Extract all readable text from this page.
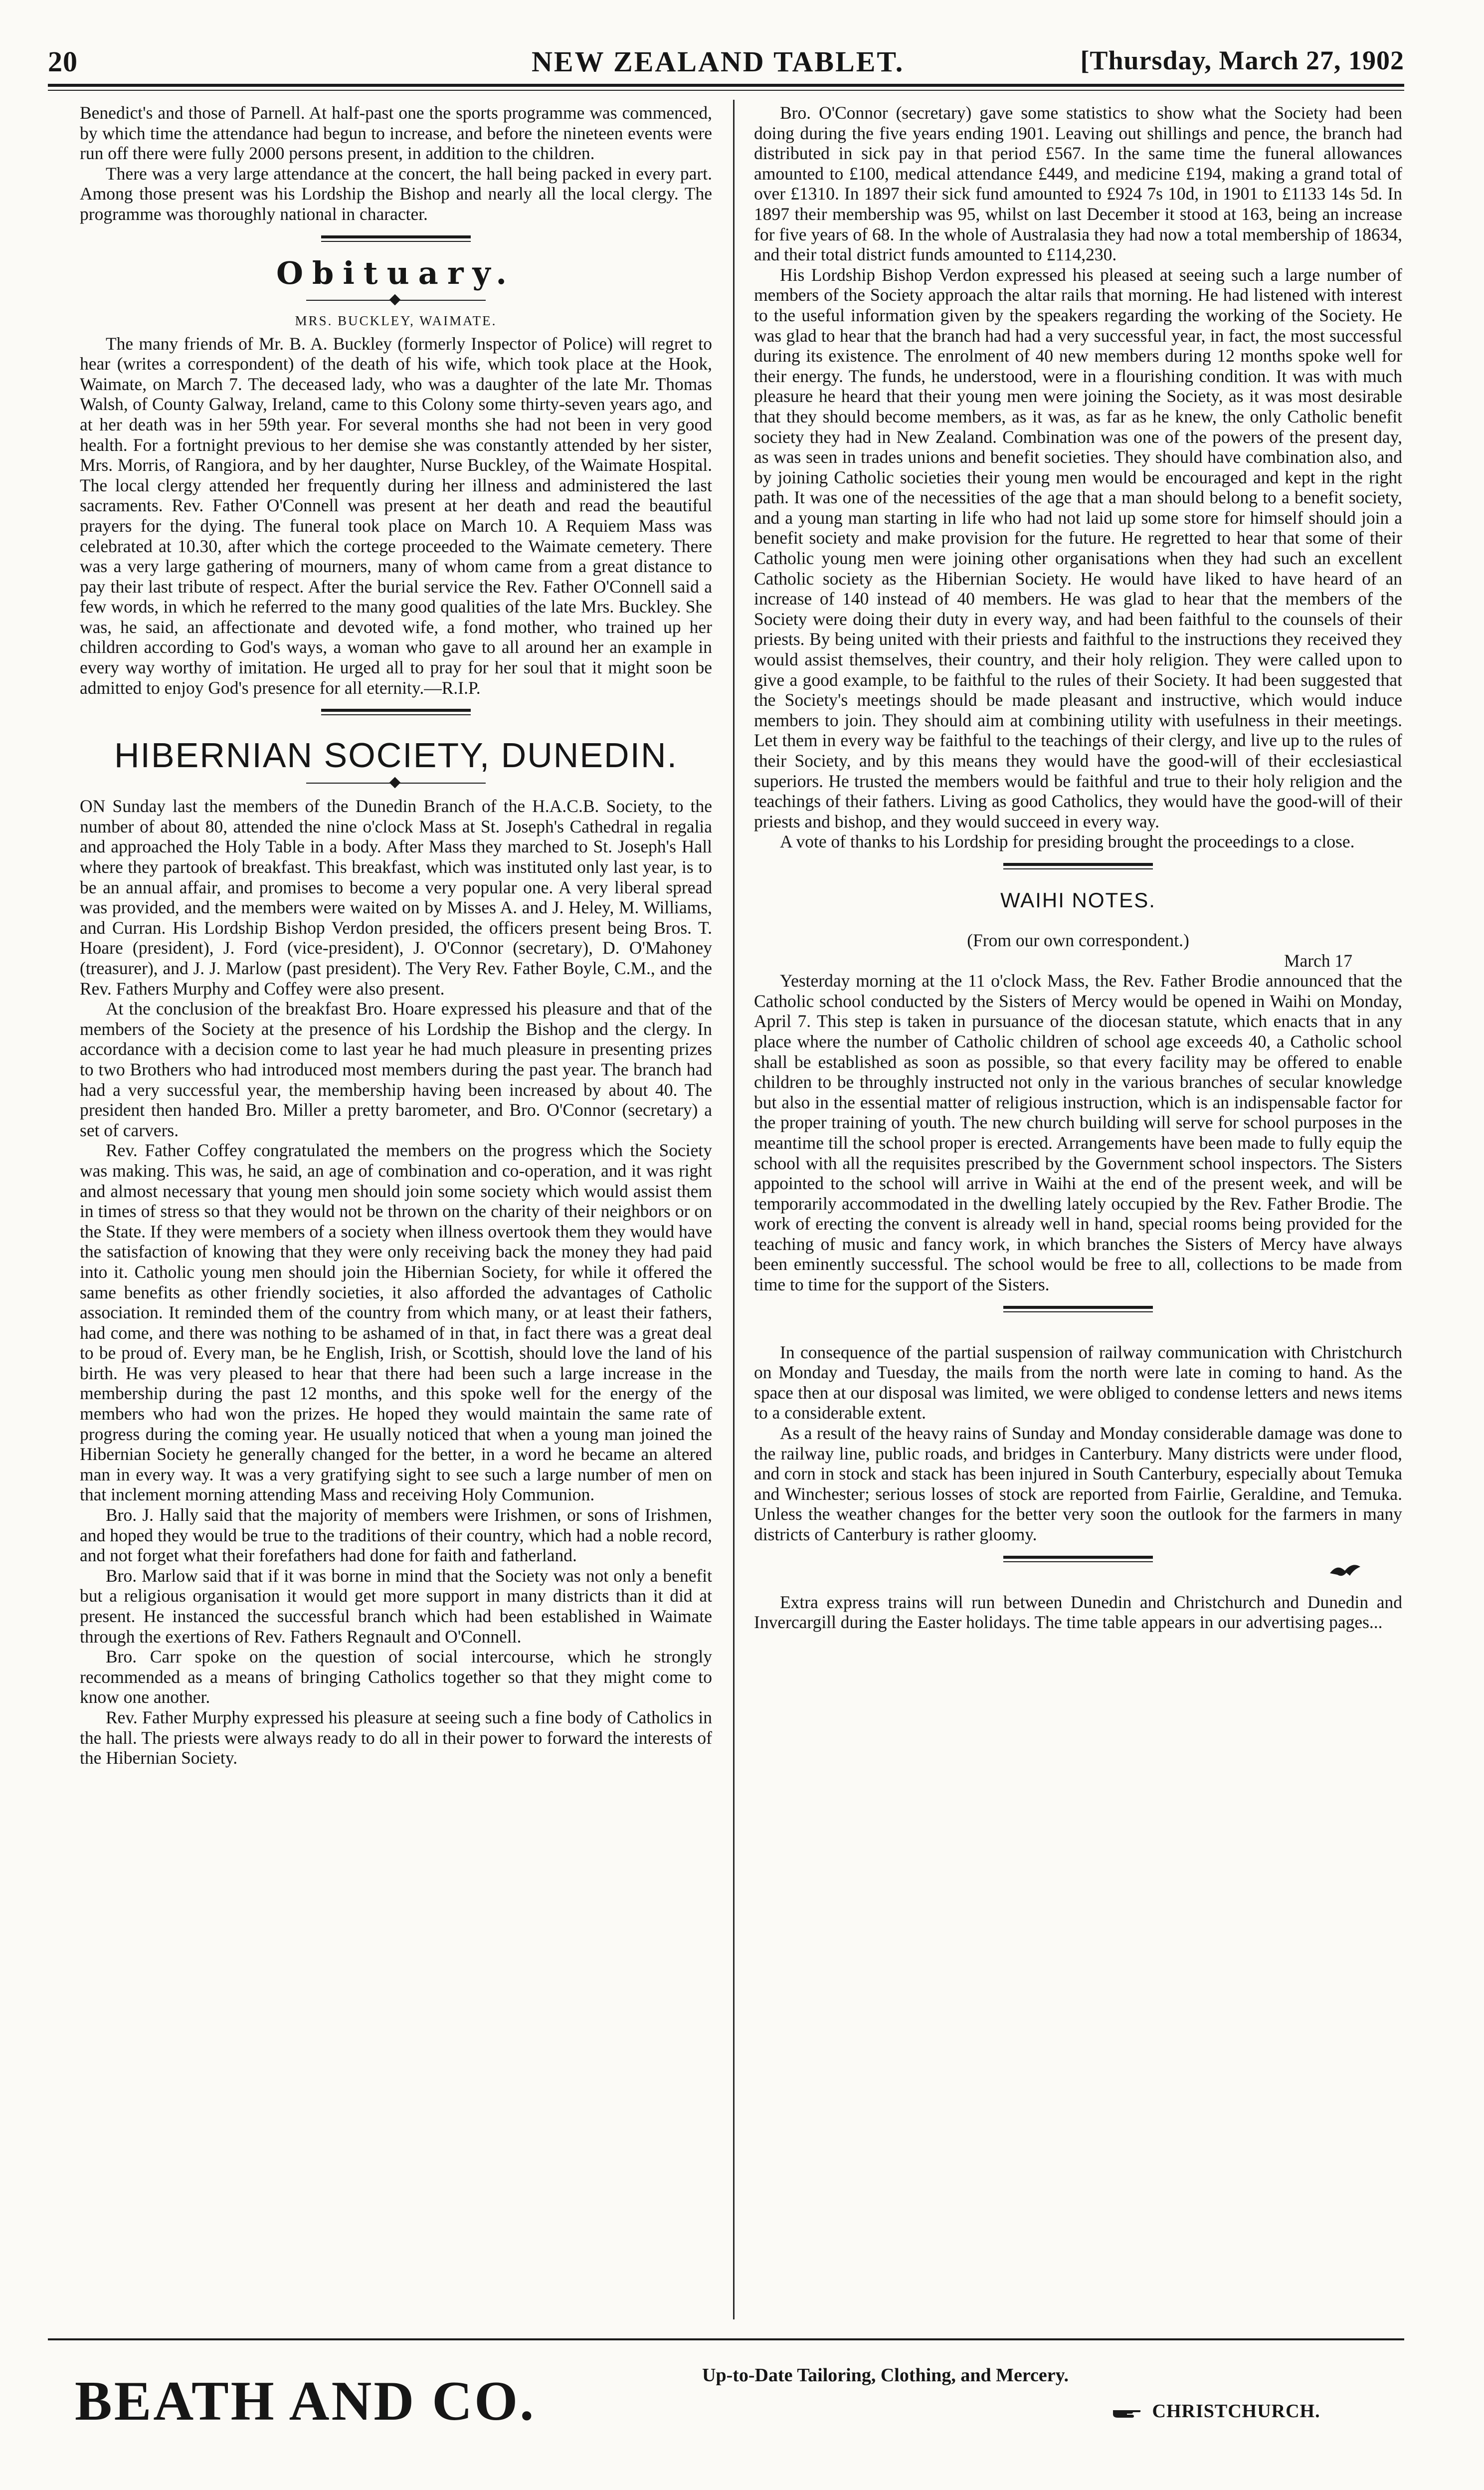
20	NEW ZEALAND TABLET.	[Thursday, March 27, 1902

Benedict's and those of Parnell. At half-past one the sports programme was commenced, by which time the attendance had begun to increase, and before the nineteen events were run off there were fully 2000 persons present, in addition to the children.

There was a very large attendance at the concert, the hall being packed in every part. Among those present was his Lordship the Bishop and nearly all the local clergy. The programme was thoroughly national in character.

Obituary.
MRS. BUCKLEY, WAIMATE.

The many friends of Mr. B. A. Buckley (formerly Inspector of Police) will regret to hear (writes a correspondent) of the death of his wife, which took place at the Hook, Waimate, on March 7. The deceased lady, who was a daughter of the late Mr. Thomas Walsh, of County Galway, Ireland, came to this Colony some thirty-seven years ago, and at her death was in her 59th year. For several months she had not been in very good health. For a fortnight previous to her demise she was constantly attended by her sister, Mrs. Morris, of Rangiora, and by her daughter, Nurse Buckley, of the Waimate Hospital. The local clergy attended her frequently during her illness and administered the last sacraments. Rev. Father O'Connell was present at her death and read the beautiful prayers for the dying. The funeral took place on March 10. A Requiem Mass was celebrated at 10.30, after which the cortege proceeded to the Waimate cemetery. There was a very large gathering of mourners, many of whom came from a great distance to pay their last tribute of respect. After the burial service the Rev. Father O'Connell said a few words, in which he referred to the many good qualities of the late Mrs. Buckley. She was, he said, an affectionate and devoted wife, a fond mother, who trained up her children according to God's ways, a woman who gave to all around her an example in every way worthy of imitation. He urged all to pray for her soul that it might soon be admitted to enjoy God's presence for all eternity.—R.I.P.

HIBERNIAN SOCIETY, DUNEDIN.

ON Sunday last the members of the Dunedin Branch of the H.A.C.B. Society, to the number of about 80, attended the nine o'clock Mass at St. Joseph's Cathedral in regalia and approached the Holy Table in a body. After Mass they marched to St. Joseph's Hall where they partook of breakfast. This breakfast, which was instituted only last year, is to be an annual affair, and promises to become a very popular one. A very liberal spread was provided, and the members were waited on by Misses A. and J. Heley, M. Williams, and Curran. His Lordship Bishop Verdon presided, the officers present being Bros. T. Hoare (president), J. Ford (vice-president), J. O'Connor (secretary), D. O'Mahoney (treasurer), and J. J. Marlow (past president). The Very Rev. Father Boyle, C.M., and the Rev. Fathers Murphy and Coffey were also present.

At the conclusion of the breakfast Bro. Hoare expressed his pleasure and that of the members of the Society at the presence of his Lordship the Bishop and the clergy. In accordance with a decision come to last year he had much pleasure in presenting prizes to two Brothers who had introduced most members during the past year. The branch had had a very successful year, the membership having been increased by about 40. The president then handed Bro. Miller a pretty barometer, and Bro. O'Connor (secretary) a set of carvers.

Rev. Father Coffey congratulated the members on the progress which the Society was making. This was, he said, an age of combination and co-operation, and it was right and almost necessary that young men should join some society which would assist them in times of stress so that they would not be thrown on the charity of their neighbors or on the State. If they were members of a society when illness overtook them they would have the satisfaction of knowing that they were only receiving back the money they had paid into it. Catholic young men should join the Hibernian Society, for while it offered the same benefits as other friendly societies, it also afforded the advantages of Catholic association. It reminded them of the country from which many, or at least their fathers, had come, and there was nothing to be ashamed of in that, in fact there was a great deal to be proud of. Every man, be he English, Irish, or Scottish, should love the land of his birth. He was very pleased to hear that there had been such a large increase in the membership during the past 12 months, and this spoke well for the energy of the members who had won the prizes. He hoped they would maintain the same rate of progress during the coming year. He usually noticed that when a young man joined the Hibernian Society he generally changed for the better, in a word he became an altered man in every way. It was a very gratifying sight to see such a large number of men on that inclement morning attending Mass and receiving Holy Communion.

Bro. J. Hally said that the majority of members were Irishmen, or sons of Irishmen, and hoped they would be true to the traditions of their country, which had a noble record, and not forget what their forefathers had done for faith and fatherland.

Bro. Marlow said that if it was borne in mind that the Society was not only a benefit but a religious organisation it would get more support in many districts than it did at present. He instanced the successful branch which had been established in Waimate through the exertions of Rev. Fathers Regnault and O'Connell.

Bro. Carr spoke on the question of social intercourse, which he strongly recommended as a means of bringing Catholics together so that they might come to know one another.

Rev. Father Murphy expressed his pleasure at seeing such a fine body of Catholics in the hall. The priests were always ready to do all in their power to forward the interests of the Hibernian Society.

Bro. O'Connor (secretary) gave some statistics to show what the Society had been doing during the five years ending 1901. Leaving out shillings and pence, the branch had distributed in sick pay in that period £567. In the same time the funeral allowances amounted to £100, medical attendance £449, and medicine £194, making a grand total of over £1310. In 1897 their sick fund amounted to £924 7s 10d, in 1901 to £1133 14s 5d. In 1897 their membership was 95, whilst on last December it stood at 163, being an increase for five years of 68. In the whole of Australasia they had now a total membership of 18634, and their total district funds amounted to £114,230.

His Lordship Bishop Verdon expressed his pleased at seeing such a large number of members of the Society approach the altar rails that morning. He had listened with interest to the useful information given by the speakers regarding the working of the Society. He was glad to hear that the branch had had a very successful year, in fact, the most successful during its existence. The enrolment of 40 new members during 12 months spoke well for their energy. The funds, he understood, were in a flourishing condition. It was with much pleasure he heard that their young men were joining the Society, as it was most desirable that they should become members, as it was, as far as he knew, the only Catholic benefit society they had in New Zealand. Combination was one of the powers of the present day, as was seen in trades unions and benefit societies. They should have combination also, and by joining Catholic societies their young men would be encouraged and kept in the right path. It was one of the necessities of the age that a man should belong to a benefit society, and a young man starting in life who had not laid up some store for himself should join a benefit society and make provision for the future. He regretted to hear that some of their Catholic young men were joining other organisations when they had such an excellent Catholic society as the Hibernian Society. He would have liked to have heard of an increase of 140 instead of 40 members. He was glad to hear that the members of the Society were doing their duty in every way, and had been faithful to the counsels of their priests. By being united with their priests and faithful to the instructions they received they would assist themselves, their country, and their holy religion. They were called upon to give a good example, to be faithful to the rules of their Society. It had been suggested that the Society's meetings should be made pleasant and instructive, which would induce members to join. They should aim at combining utility with usefulness in their meetings. Let them in every way be faithful to the teachings of their clergy, and live up to the rules of their Society, and by this means they would have the good-will of their ecclesiastical superiors. He trusted the members would be faithful and true to their holy religion and the teachings of their fathers. Living as good Catholics, they would have the good-will of their priests and bishop, and they would succeed in every way.

A vote of thanks to his Lordship for presiding brought the proceedings to a close.

WAIHI NOTES.

(From our own correspondent.)

March 17

Yesterday morning at the 11 o'clock Mass, the Rev. Father Brodie announced that the Catholic school conducted by the Sisters of Mercy would be opened in Waihi on Monday, April 7. This step is taken in pursuance of the diocesan statute, which enacts that in any place where the number of Catholic children of school age exceeds 40, a Catholic school shall be established as soon as possible, so that every facility may be offered to enable children to be throughly instructed not only in the various branches of secular knowledge but also in the essential matter of religious instruction, which is an indispensable factor for the proper training of youth. The new church building will serve for school purposes in the meantime till the school proper is erected. Arrangements have been made to fully equip the school with all the requisites prescribed by the Government school inspectors. The Sisters appointed to the school will arrive in Waihi at the end of the present week, and will be temporarily accommodated in the dwelling lately occupied by the Rev. Father Brodie. The work of erecting the convent is already well in hand, special rooms being provided for the teaching of music and fancy work, in which branches the Sisters of Mercy have always been eminently successful. The school would be free to all, collections to be made from time to time for the support of the Sisters.

In consequence of the partial suspension of railway communication with Christchurch on Monday and Tuesday, the mails from the north were late in coming to hand. As the space then at our disposal was limited, we were obliged to condense letters and news items to a considerable extent.

As a result of the heavy rains of Sunday and Monday considerable damage was done to the railway line, public roads, and bridges in Canterbury. Many districts were under flood, and corn in stock and stack has been injured in South Canterbury, especially about Temuka and Winchester; serious losses of stock are reported from Fairlie, Geraldine, and Temuka. Unless the weather changes for the better very soon the outlook for the farmers in many districts of Canterbury is rather gloomy.

Extra express trains will run between Dunedin and Christchurch and Dunedin and Invercargill during the Easter holidays. The time table appears in our advertising pages...

BEATH AND CO.	Up-to-Date Tailoring, Clothing, and Mercery.
CHRISTCHURCH.
